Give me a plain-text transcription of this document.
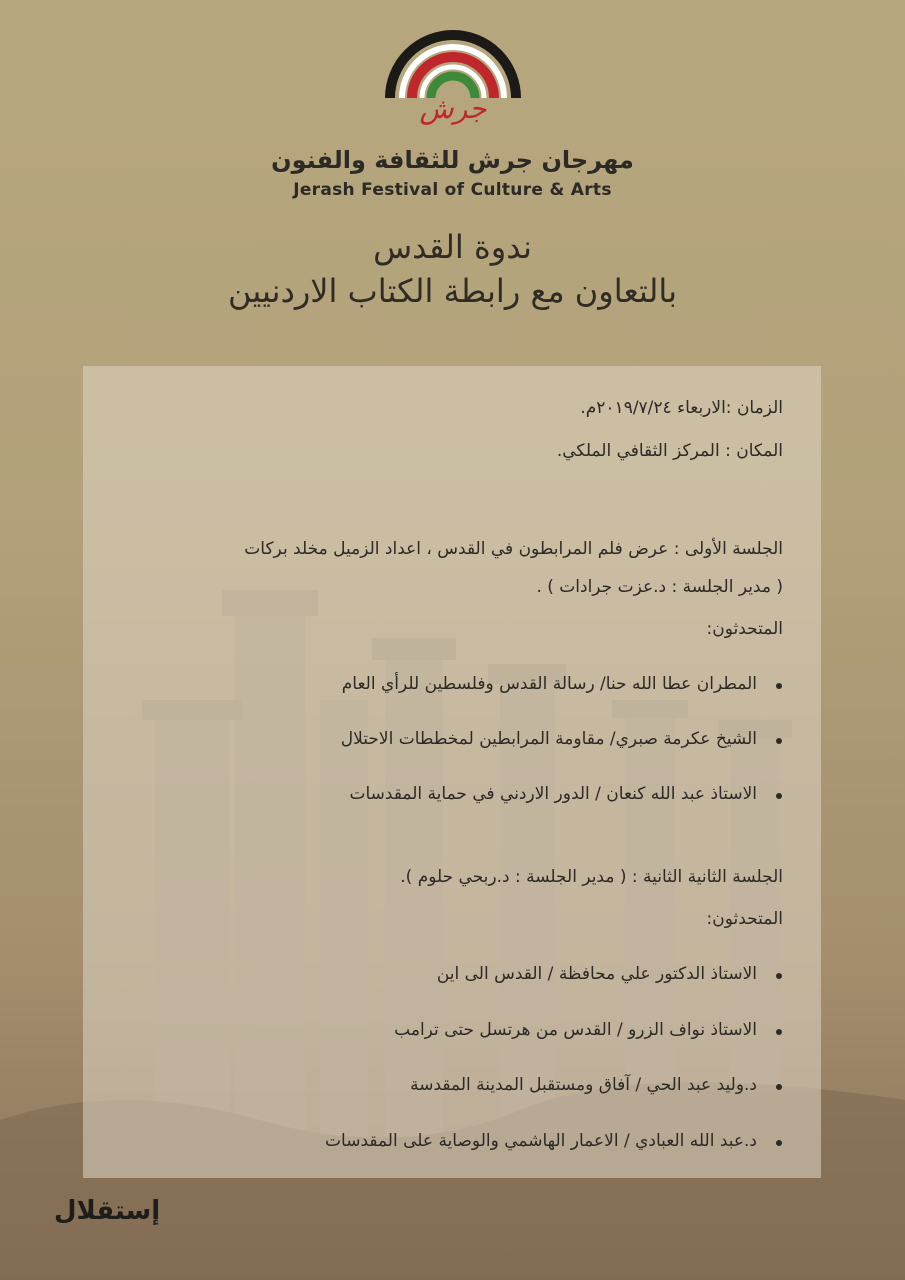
جرش
مهرجان جرش للثقافة والفنون
Jerash Festival of Culture & Arts
ندوة القدس
بالتعاون مع رابطة الكتاب الاردنيين
الزمان :الاربعاء ٢٠١٩/٧/٢٤م.
المكان : المركز الثقافي الملكي.
الجلسة الأولى : عرض فلم المرابطون في القدس ، اعداد الزميل مخلد بركات
( مدير الجلسة : د.عزت جرادات ) .
المتحدثون:
المطران عطا الله حنا/ رسالة القدس وفلسطين للرأي العام
الشيخ عكرمة صبري/ مقاومة المرابطين لمخططات الاحتلال
الاستاذ عبد الله كنعان / الدور الاردني في حماية المقدسات
الجلسة الثانية الثانية : ( مدير الجلسة : د.ربحي حلوم ).
المتحدثون:
الاستاذ الدكتور علي محافظة / القدس الى اين
الاستاذ نواف الزرو / القدس من هرتسل حتى ترامب
د.وليد عبد الحي / آفاق ومستقبل المدينة المقدسة
د.عبد الله العبادي / الاعمار الهاشمي والوصاية على المقدسات
إستقلال
